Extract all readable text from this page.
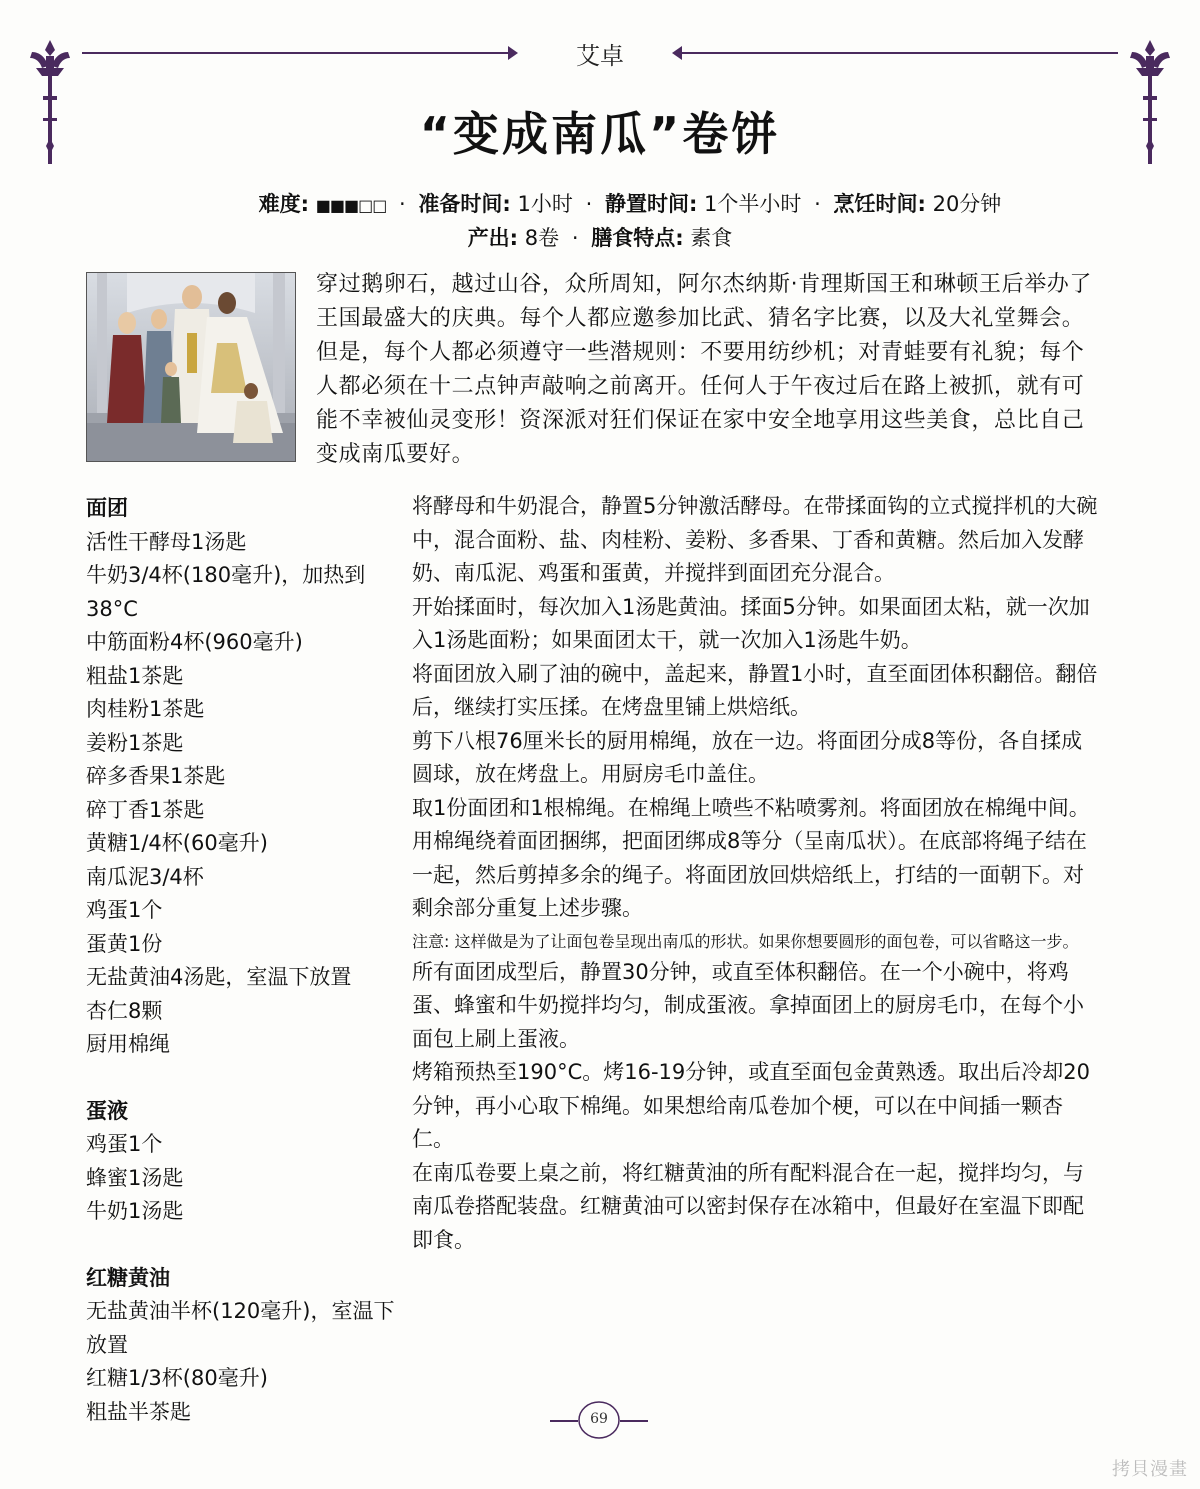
艾卓
“变成南瓜”卷饼
难度: ■■■□□ · 准备时间: 1小时 · 静置时间: 1个半小时 · 烹饪时间: 20分钟
产出: 8卷 · 膳食特点: 素食
穿过鹅卵石，越过山谷，众所周知，阿尔杰纳斯·肯理斯国王和琳顿王后举办了王国最盛大的庆典。每个人都应邀参加比武、猜名字比赛，以及大礼堂舞会。但是，每个人都必须遵守一些潜规则：不要用纺纱机；对青蛙要有礼貌；每个人都必须在十二点钟声敲响之前离开。任何人于午夜过后在路上被抓，就有可能不幸被仙灵变形！资深派对狂们保证在家中安全地享用这些美食，总比自己变成南瓜要好。
面团
活性干酵母1汤匙
牛奶3/4杯(180毫升)，加热到38°C
中筋面粉4杯(960毫升)
粗盐1茶匙
肉桂粉1茶匙
姜粉1茶匙
碎多香果1茶匙
碎丁香1茶匙
黄糖1/4杯(60毫升)
南瓜泥3/4杯
鸡蛋1个
蛋黄1份
无盐黄油4汤匙，室温下放置
杏仁8颗
厨用棉绳
蛋液
鸡蛋1个
蜂蜜1汤匙
牛奶1汤匙
红糖黄油
无盐黄油半杯(120毫升)，室温下放置
红糖1/3杯(80毫升)
粗盐半茶匙

将酵母和牛奶混合，静置5分钟激活酵母。在带揉面钩的立式搅拌机的大碗中，混合面粉、盐、肉桂粉、姜粉、多香果、丁香和黄糖。然后加入发酵奶、南瓜泥、鸡蛋和蛋黄，并搅拌到面团充分混合。

开始揉面时，每次加入1汤匙黄油。揉面5分钟。如果面团太粘，就一次加入1汤匙面粉；如果面团太干，就一次加入1汤匙牛奶。

将面团放入刷了油的碗中，盖起来，静置1小时，直至面团体积翻倍。翻倍后，继续打实压揉。在烤盘里铺上烘焙纸。

剪下八根76厘米长的厨用棉绳，放在一边。将面团分成8等份，各自揉成圆球，放在烤盘上。用厨房毛巾盖住。

取1份面团和1根棉绳。在棉绳上喷些不粘喷雾剂。将面团放在棉绳中间。用棉绳绕着面团捆绑，把面团绑成8等分（呈南瓜状）。在底部将绳子结在一起，然后剪掉多余的绳子。将面团放回烘焙纸上，打结的一面朝下。对剩余部分重复上述步骤。

注意: 这样做是为了让面包卷呈现出南瓜的形状。如果你想要圆形的面包卷，可以省略这一步。

所有面团成型后，静置30分钟，或直至体积翻倍。在一个小碗中，将鸡蛋、蜂蜜和牛奶搅拌均匀，制成蛋液。拿掉面团上的厨房毛巾，在每个小面包上刷上蛋液。

烤箱预热至190°C。烤16-19分钟，或直至面包金黄熟透。取出后冷却20分钟，再小心取下棉绳。如果想给南瓜卷加个梗，可以在中间插一颗杏仁。

在南瓜卷要上桌之前，将红糖黄油的所有配料混合在一起，搅拌均匀，与南瓜卷搭配装盘。红糖黄油可以密封保存在冰箱中，但最好在室温下即配即食。

69
拷貝漫畫
